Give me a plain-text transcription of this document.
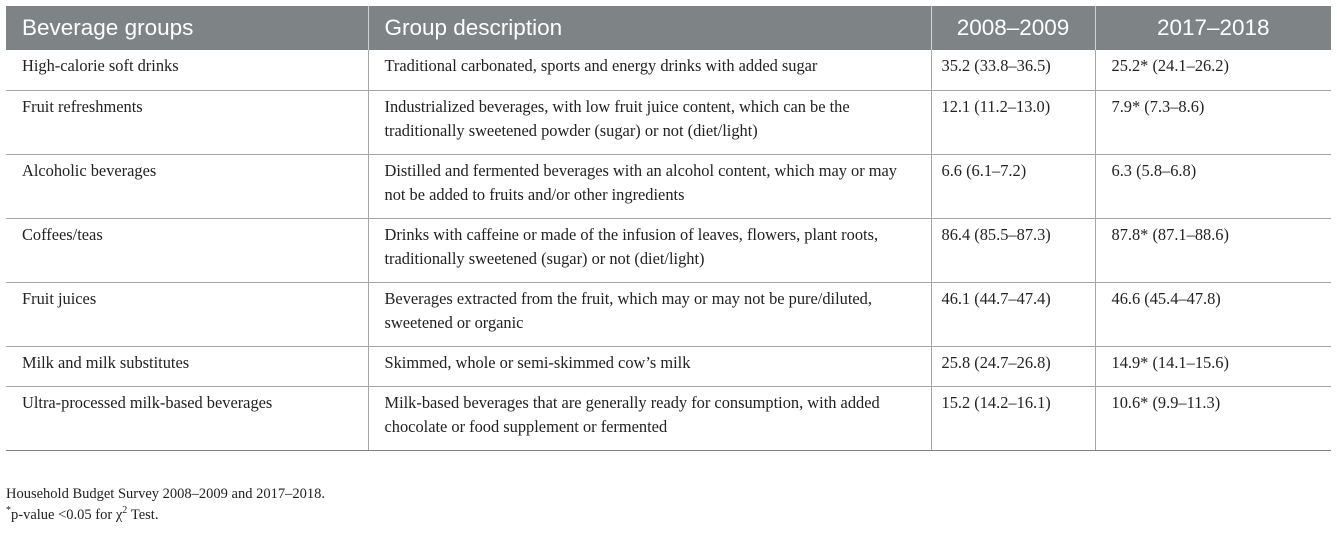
Beverage groups	Group description	2008–2009	2017–2018
High-calorie soft drinks	Traditional carbonated, sports and energy drinks with added sugar	35.2 (33.8–36.5)	25.2* (24.1–26.2)
Fruit refreshments	Industrialized beverages, with low fruit juice content, which can be the traditionally sweetened powder (sugar) or not (diet/light)	12.1 (11.2–13.0)	7.9* (7.3–8.6)
Alcoholic beverages	Distilled and fermented beverages with an alcohol content, which may or may not be added to fruits and/or other ingredients	6.6 (6.1–7.2)	6.3 (5.8–6.8)
Coffees/teas	Drinks with caffeine or made of the infusion of leaves, flowers, plant roots, traditionally sweetened (sugar) or not (diet/light)	86.4 (85.5–87.3)	87.8* (87.1–88.6)
Fruit juices	Beverages extracted from the fruit, which may or may not be pure/diluted, sweetened or organic	46.1 (44.7–47.4)	46.6 (45.4–47.8)
Milk and milk substitutes	Skimmed, whole or semi-skimmed cow’s milk	25.8 (24.7–26.8)	14.9* (14.1–15.6)
Ultra-processed milk-based beverages	Milk-based beverages that are generally ready for consumption, with added chocolate or food supplement or fermented	15.2 (14.2–16.1)	10.6* (9.9–11.3)
Household Budget Survey 2008–2009 and 2017–2018.
*p-value <0.05 for $\chi^2$ Test.
